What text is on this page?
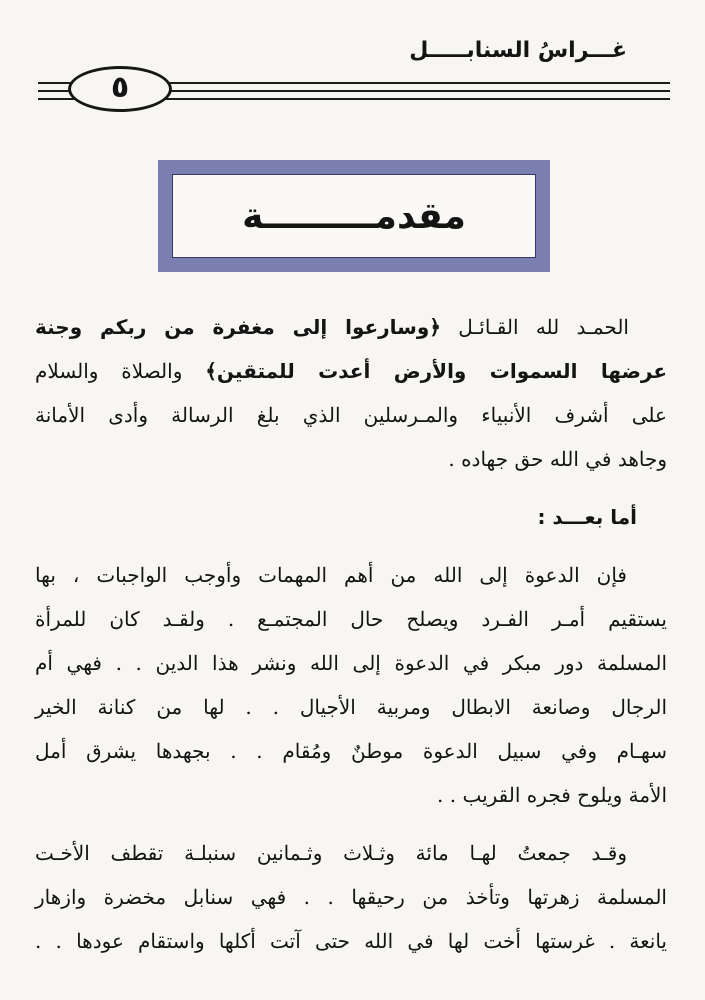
غـــراسُ السنابـــــل
٥
مقدمـــــــــة
الحمـد لله القـائـل ﴿وسارعوا إلى مغفرة من ربكم وجنة
عرضها السموات والأرض أعدت للمتقين﴾ والصلاة والسلام
على أشرف الأنبياء والمـرسلين الذي بلغ الرسالة وأدى الأمانة
وجاهد في الله حق جهاده .
أما بعـــد :
فإن الدعوة إلى الله من أهم المهمات وأوجب الواجبات ، بها
يستقيم أمـر الفـرد ويصلح حال المجتمـع . ولقـد كان للمرأة
المسلمة دور مبكر في الدعوة إلى الله ونشر هذا الدين . . فهي أم
الرجال وصانعة الابطال ومربية الأجيال . . لها من كنانة الخير
سهـام وفي سبيل الدعوة موطنٌ ومُقام . . بجهدها يشرق أمل
الأمة ويلوح فجره القريب . .
وقـد جمعتُ لهـا مائة وثـلاث وثـمانين سنبلـة تقطف الأخـت
المسلمة زهرتها وتأخذ من رحيقها . . فهي سنابل مخضرة وازهار
يانعة . غرستها أخت لها في الله حتى آتت أكلها واستقام عودها . .
